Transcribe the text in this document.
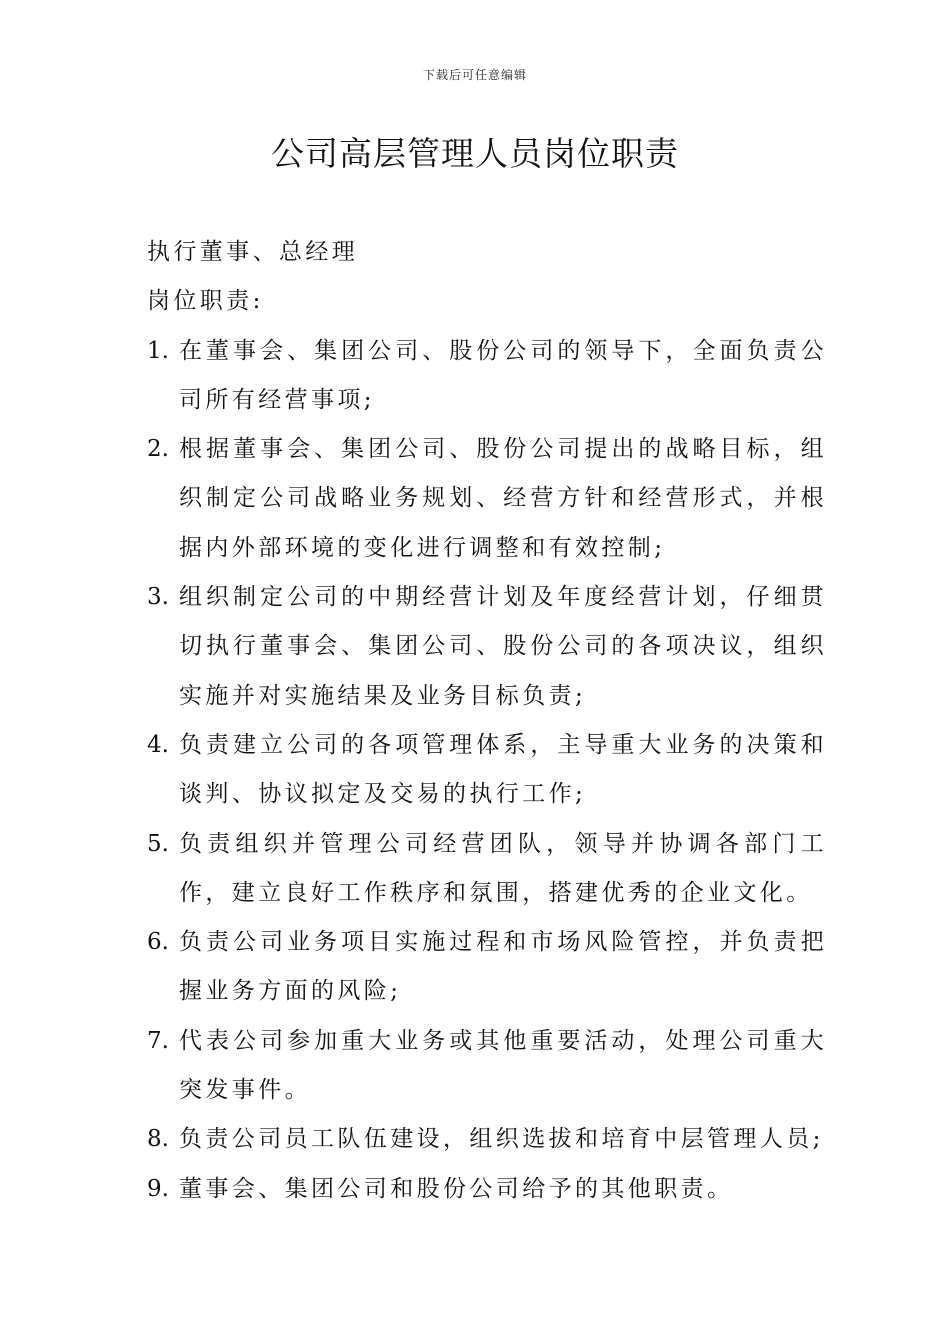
下载后可任意编辑
公司高层管理人员岗位职责

执行董事、总经理

岗位职责:

1. 在董事会、集团公司、股份公司的领导下，全面负责公司所有经营事项;
2. 根据董事会、集团公司、股份公司提出的战略目标，组织制定公司战略业务规划、经营方针和经营形式，并根据内外部环境的变化进行调整和有效控制;
3. 组织制定公司的中期经营计划及年度经营计划，仔细贯切执行董事会、集团公司、股份公司的各项决议，组织实施并对实施结果及业务目标负责;
4. 负责建立公司的各项管理体系，主导重大业务的决策和谈判、协议拟定及交易的执行工作;
5. 负责组织并管理公司经营团队，领导并协调各部门工作，建立良好工作秩序和氛围，搭建优秀的企业文化。
6. 负责公司业务项目实施过程和市场风险管控，并负责把握业务方面的风险;
7. 代表公司参加重大业务或其他重要活动，处理公司重大突发事件。
8. 负责公司员工队伍建设，组织选拔和培育中层管理人员;
9. 董事会、集团公司和股份公司给予的其他职责。
